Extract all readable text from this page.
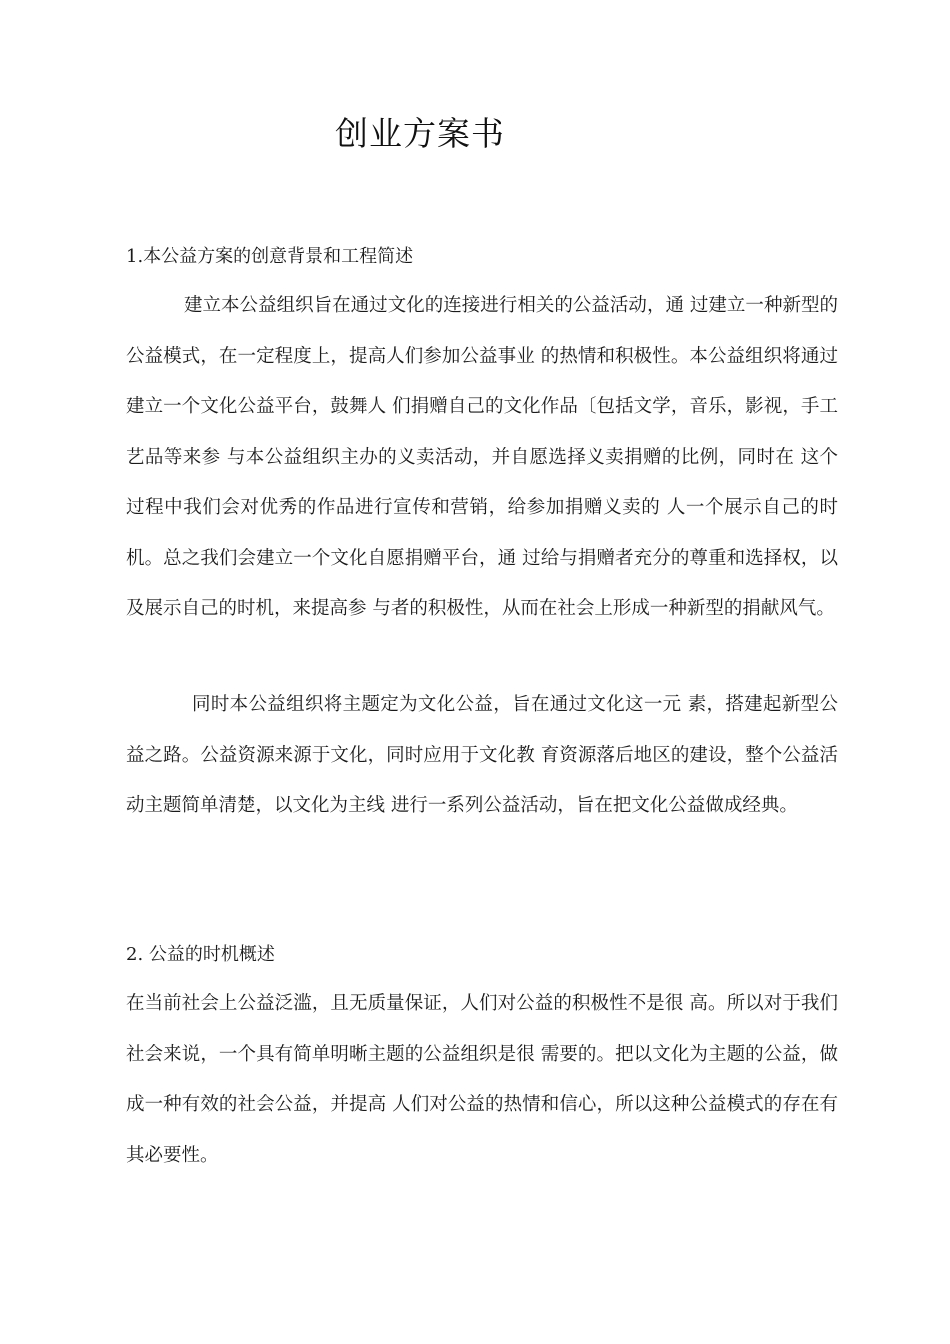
创业方案书
1.本公益方案的创意背景和工程简述

建立本公益组织旨在通过文化的连接进行相关的公益活动，通 过建立一种新型的公益模式，在一定程度上，提高人们参加公益事业 的热情和积极性。本公益组织将通过建立一个文化公益平台，鼓舞人 们捐赠自己的文化作品〔包括文学，音乐，影视，手工艺品等来参 与本公益组织主办的义卖活动，并自愿选择义卖捐赠的比例，同时在 这个过程中我们会对优秀的作品进行宣传和营销，给参加捐赠义卖的 人一个展示自己的时机。总之我们会建立一个文化自愿捐赠平台，通 过给与捐赠者充分的尊重和选择权，以及展示自己的时机，来提高参 与者的积极性，从而在社会上形成一种新型的捐献风气。

同时本公益组织将主题定为文化公益，旨在通过文化这一元 素，搭建起新型公益之路。公益资源来源于文化，同时应用于文化教 育资源落后地区的建设，整个公益活动主题简单清楚，以文化为主线 进行一系列公益活动，旨在把文化公益做成经典。

2. 公益的时机概述

在当前社会上公益泛滥，且无质量保证，人们对公益的积极性不是很 高。所以对于我们社会来说，一个具有简单明晰主题的公益组织是很 需要的。把以文化为主题的公益，做成一种有效的社会公益，并提高 人们对公益的热情和信心，所以这种公益模式的存在有其必要性。
